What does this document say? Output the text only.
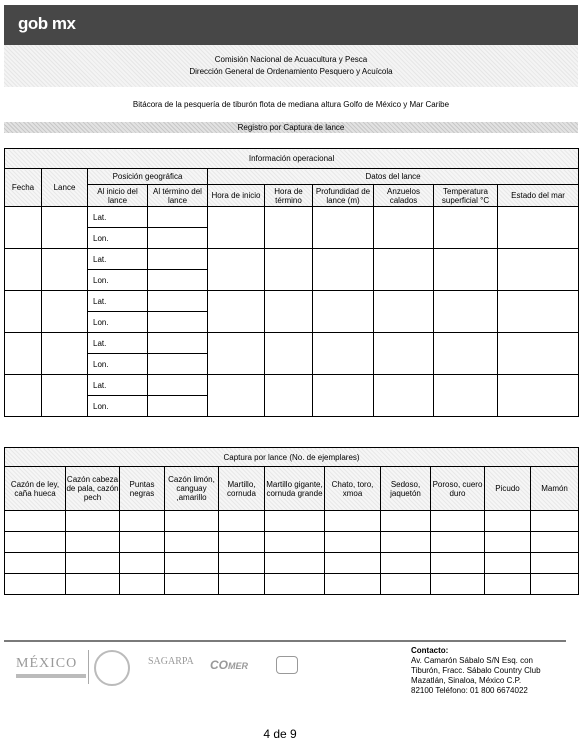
gob mx
Comisión Nacional de Acuacultura y Pesca
Dirección General de Ordenamiento Pesquero y Acuícola
Bitácora de la pesquería de tiburón flota de mediana altura Golfo de México y Mar Caribe
Registro por Captura de lance
Información operacional									
Fecha	Lance	Posición geográfica		Datos del lance					
		Al inicio del lance	Al término del lance	Hora de inicio	Hora de término	Profundidad de lance (m)	Anzuelos calados	Temperatura superficial °C	Estado del mar
		Lat.							
		Lon.							
		Lat.							
		Lon.							
		Lat.							
		Lon.							
		Lat.							
		Lon.							
		Lat.							
		Lon.							
Captura por lance (No. de ejemplares)										
Cazón de ley, caña hueca	Cazón cabeza de pala, cazón pech	Puntas negras	Cazón limón, canguay ,amarillo	Martillo, cornuda	Martillo gigante, cornuda grande	Chato, toro, xmoa	Sedoso, jaquetón	Poroso, cuero duro	Picudo	Mamón

MÉXICO	SAGARPA COMER
Contacto:
Av. Camarón Sábalo S/N Esq. con
Tiburón, Fracc. Sábalo Country Club
Mazatlán, Sinaloa, México C.P.
82100 Teléfono: 01 800 6674022
4 de 9
